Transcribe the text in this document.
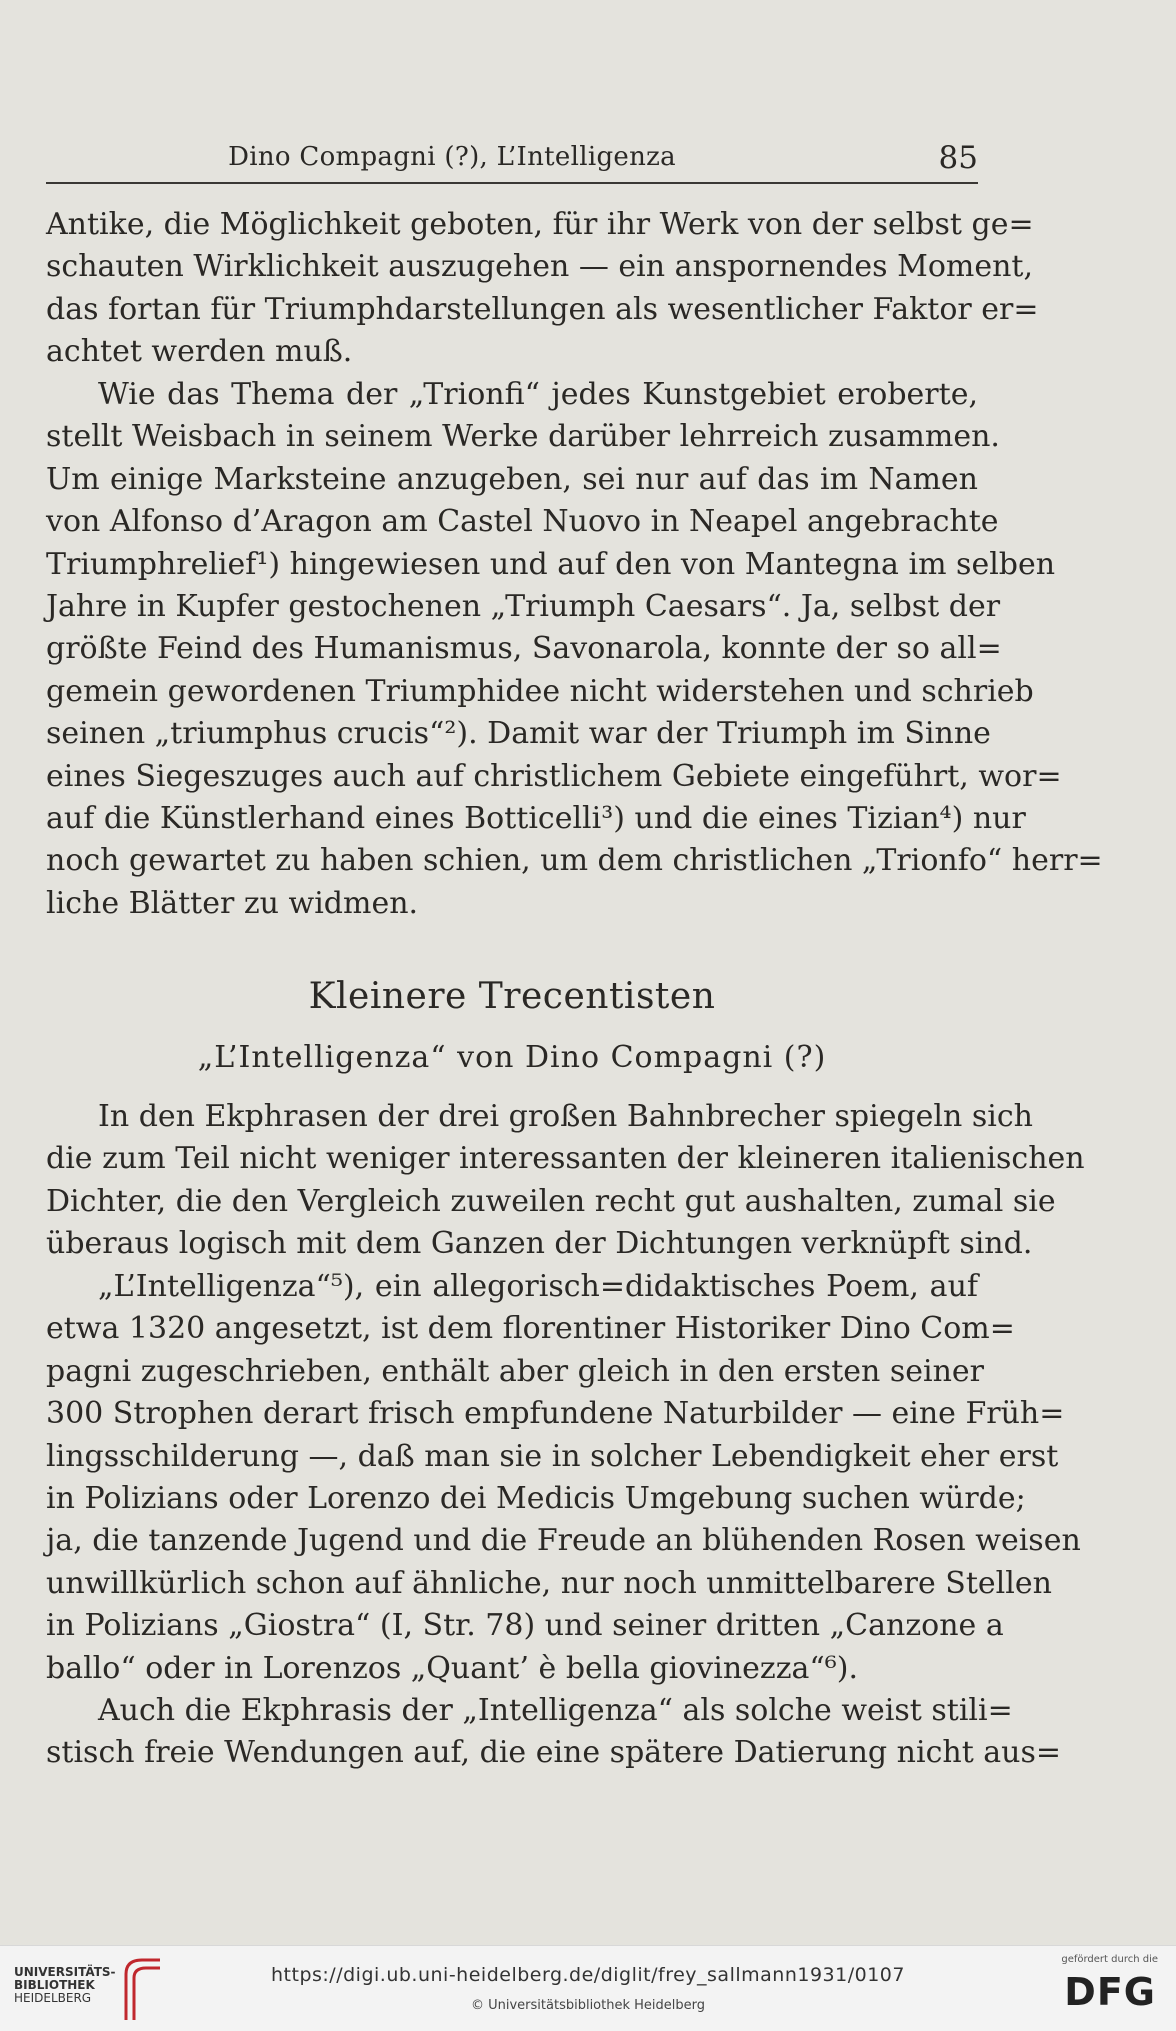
Dino Compagni (?), L’Intelligenza	85
Antike, die Möglichkeit geboten, für ihr Werk von der selbst ge=
schauten Wirklichkeit auszugehen — ein anspornendes Moment,
das fortan für Triumphdarstellungen als wesentlicher Faktor er=
achtet werden muß.
Wie das Thema der „Trionfi“ jedes Kunstgebiet eroberte,
stellt Weisbach in seinem Werke darüber lehrreich zusammen.
Um einige Marksteine anzugeben, sei nur auf das im Namen
von Alfonso d’Aragon am Castel Nuovo in Neapel angebrachte
Triumphrelief¹) hingewiesen und auf den von Mantegna im selben
Jahre in Kupfer gestochenen „Triumph Caesars“. Ja, selbst der
größte Feind des Humanismus, Savonarola, konnte der so all=
gemein gewordenen Triumphidee nicht widerstehen und schrieb
seinen „triumphus crucis“²). Damit war der Triumph im Sinne
eines Siegeszuges auch auf christlichem Gebiete eingeführt, wor=
auf die Künstlerhand eines Botticelli³) und die eines Tizian⁴) nur
noch gewartet zu haben schien, um dem christlichen „Trionfo“ herr=
liche Blätter zu widmen.
Kleinere Trecentisten
„L’Intelligenza“ von Dino Compagni (?)
In den Ekphrasen der drei großen Bahnbrecher spiegeln sich
die zum Teil nicht weniger interessanten der kleineren italienischen
Dichter, die den Vergleich zuweilen recht gut aushalten, zumal sie
überaus logisch mit dem Ganzen der Dichtungen verknüpft sind.
„L’Intelligenza“⁵), ein allegorisch=didaktisches Poem, auf
etwa 1320 angesetzt, ist dem florentiner Historiker Dino Com=
pagni zugeschrieben, enthält aber gleich in den ersten seiner
300 Strophen derart frisch empfundene Naturbilder — eine Früh=
lingsschilderung —, daß man sie in solcher Lebendigkeit eher erst
in Polizians oder Lorenzo dei Medicis Umgebung suchen würde;
ja, die tanzende Jugend und die Freude an blühenden Rosen weisen
unwillkürlich schon auf ähnliche, nur noch unmittelbarere Stellen
in Polizians „Giostra“ (I, Str. 78) und seiner dritten „Canzone a
ballo“ oder in Lorenzos „Quant’ è bella giovinezza“⁶).
Auch die Ekphrasis der „Intelligenza“ als solche weist stili=
stisch freie Wendungen auf, die eine spätere Datierung nicht aus=
UNIVERSITÄTS-
BIBLIOTHEK
HEIDELBERG
https://digi.ub.uni-heidelberg.de/diglit/frey_sallmann1931/0107
© Universitätsbibliothek Heidelberg
gefördert durch die
DFG
